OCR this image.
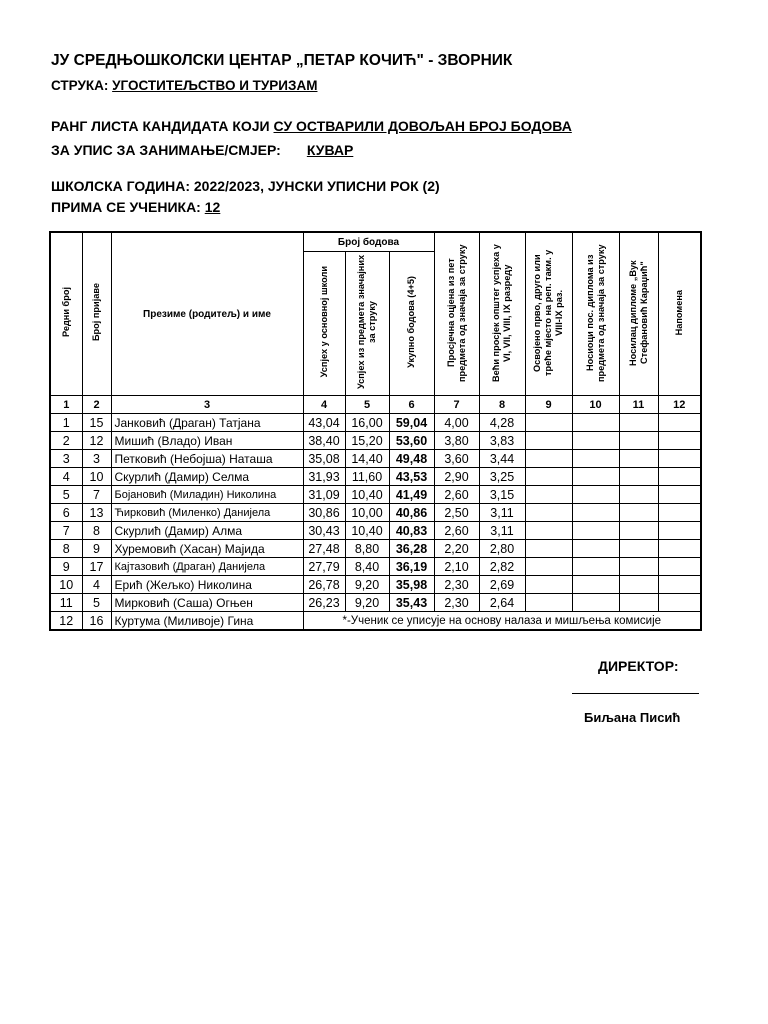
ЈУ СРЕДЊОШКОЛСКИ ЦЕНТАР „ПЕТАР КОЧИЋ" - ЗВОРНИК
СТРУКА: УГОСТИТЕЉСТВО И ТУРИЗАМ
РАНГ ЛИСТА КАНДИДАТА КОЈИ СУ ОСТВАРИЛИ ДОВОЉАН БРОЈ БОДОВА
ЗА УПИС ЗА ЗАНИМАЊЕ/СМЈЕР: КУВАР
ШКОЛСКА ГОДИНА: 2022/2023, ЈУНСКИ УПИСНИ РОК (2)
ПРИМА СЕ УЧЕНИКА: 12
Редни број	Број пријаве	Презиме (родитељ) и име	Број бодова			Просјечна оцјена из пет предмета од значаја за струку	Већи просјек општег успјеха у VI, VII, VIII, IX разреду	Освојено прво, друго или треће мјесто на реп. такм. у VIII-IX раз.	Носиоци пос. диплома из предмета од значаја за струку	Носилац дипломе „Вук Стефановић Караџић"	Напомена
			Успјех у основној школи	Успјех из предмета значајних за струку	Укупно бодова (4+5)						
1	2	3	4	5	6	7	8	9	10	11	12
1	15	Јанковић (Драган) Татјана	43,04	16,00	59,04	4,00	4,28				
2	12	Мишић (Владо) Иван	38,40	15,20	53,60	3,80	3,83				
3	3	Петковић (Небојша) Наташа	35,08	14,40	49,48	3,60	3,44				
4	10	Скурлић (Дамир) Селма	31,93	11,60	43,53	2,90	3,25				
5	7	Бојановић (Миладин) Николина	31,09	10,40	41,49	2,60	3,15				
6	13	Ћирковић (Миленко) Данијела	30,86	10,00	40,86	2,50	3,11				
7	8	Скурлић (Дамир) Алма	30,43	10,40	40,83	2,60	3,11				
8	9	Хуремовић (Хасан) Мајида	27,48	8,80	36,28	2,20	2,80				
9	17	Кајтазовић (Драган) Данијела	27,79	8,40	36,19	2,10	2,82				
10	4	Ерић (Жељко) Николина	26,78	9,20	35,98	2,30	2,69				
11	5	Мирковић (Саша) Огњен	26,23	9,20	35,43	2,30	2,64				
12	16	Куртума (Миливоје) Гина	*-Ученик се уписује на основу налаза и мишљења комисије								
ДИРЕКТОР:
Биљана Писић
